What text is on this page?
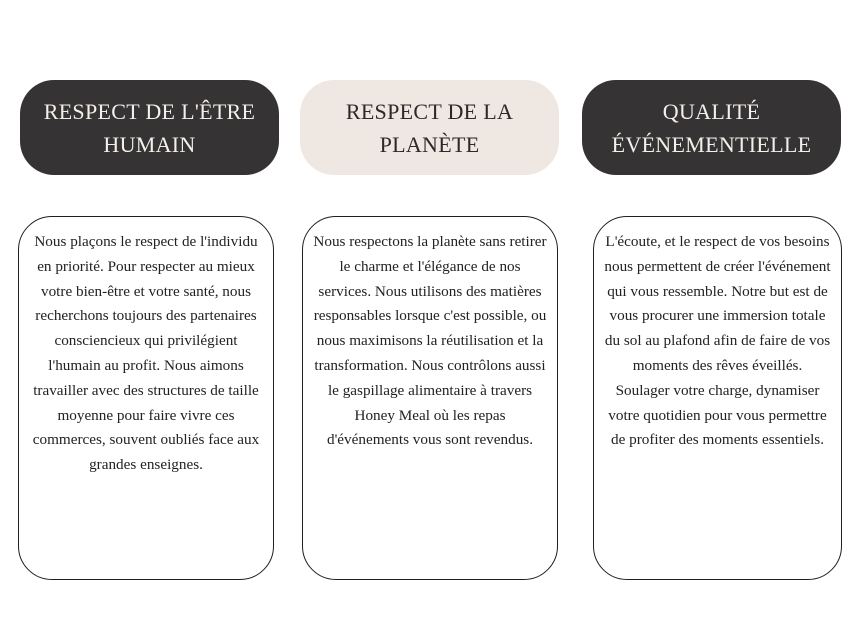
RESPECT DE L'ÊTRE HUMAIN
RESPECT DE LA PLANÈTE
QUALITÉ ÉVÉNEMENTIELLE
Nous plaçons le respect de l'individu en priorité. Pour respecter au mieux votre bien-être et votre santé, nous recherchons toujours des partenaires consciencieux qui privilégient l'humain au profit. Nous aimons travailler avec des structures de taille moyenne pour faire vivre ces commerces, souvent oubliés face aux grandes enseignes.
Nous respectons la planète sans retirer le charme et l'élégance de nos services. Nous utilisons des matières responsables lorsque c'est possible, ou nous maximisons la réutilisation et la transformation. Nous contrôlons aussi le gaspillage alimentaire à travers Honey Meal où les repas d'événements vous sont revendus.
L'écoute, et le respect de vos besoins nous permettent de créer l'événement qui vous ressemble. Notre but est de vous procurer une immersion totale du sol au plafond afin de faire de vos moments des rêves éveillés. Soulager votre charge, dynamiser votre quotidien pour vous permettre de profiter des moments essentiels.
